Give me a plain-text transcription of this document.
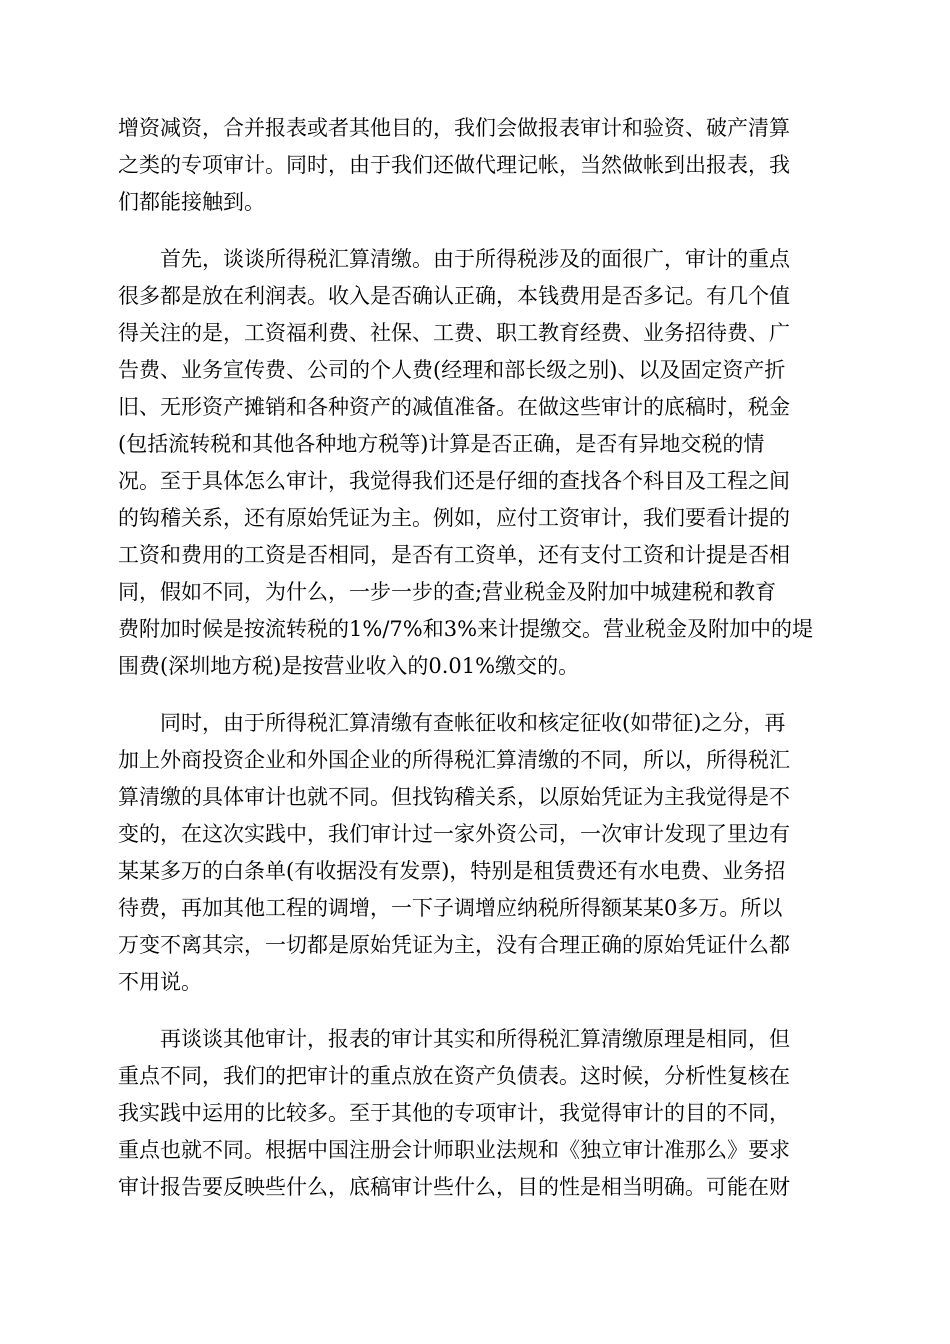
增资减资，合并报表或者其他目的，我们会做报表审计和验资、破产清算
之类的专项审计。同时，由于我们还做代理记帐，当然做帐到出报表，我
们都能接触到。
首先，谈谈所得税汇算清缴。由于所得税涉及的面很广，审计的重点
很多都是放在利润表。收入是否确认正确，本钱费用是否多记。有几个值
得关注的是，工资福利费、社保、工费、职工教育经费、业务招待费、广
告费、业务宣传费、公司的个人费(经理和部长级之别)、以及固定资产折
旧、无形资产摊销和各种资产的减值准备。在做这些审计的底稿时，税金
(包括流转税和其他各种地方税等)计算是否正确，是否有异地交税的情
况。至于具体怎么审计，我觉得我们还是仔细的查找各个科目及工程之间
的钩稽关系，还有原始凭证为主。例如，应付工资审计，我们要看计提的
工资和费用的工资是否相同，是否有工资单，还有支付工资和计提是否相
同，假如不同，为什么，一步一步的查;营业税金及附加中城建税和教育
费附加时候是按流转税的1%/7%和3%来计提缴交。营业税金及附加中的堤
围费(深圳地方税)是按营业收入的0.01%缴交的。
同时，由于所得税汇算清缴有查帐征收和核定征收(如带征)之分，再
加上外商投资企业和外国企业的所得税汇算清缴的不同，所以，所得税汇
算清缴的具体审计也就不同。但找钩稽关系，以原始凭证为主我觉得是不
变的，在这次实践中，我们审计过一家外资公司，一次审计发现了里边有
某某多万的白条单(有收据没有发票)，特别是租赁费还有水电费、业务招
待费，再加其他工程的调增，一下子调增应纳税所得额某某0多万。所以
万变不离其宗，一切都是原始凭证为主，没有合理正确的原始凭证什么都
不用说。
再谈谈其他审计，报表的审计其实和所得税汇算清缴原理是相同，但
重点不同，我们的把审计的重点放在资产负债表。这时候，分析性复核在
我实践中运用的比较多。至于其他的专项审计，我觉得审计的目的不同，
重点也就不同。根据中国注册会计师职业法规和《独立审计准那么》要求
审计报告要反映些什么，底稿审计些什么，目的性是相当明确。可能在财
